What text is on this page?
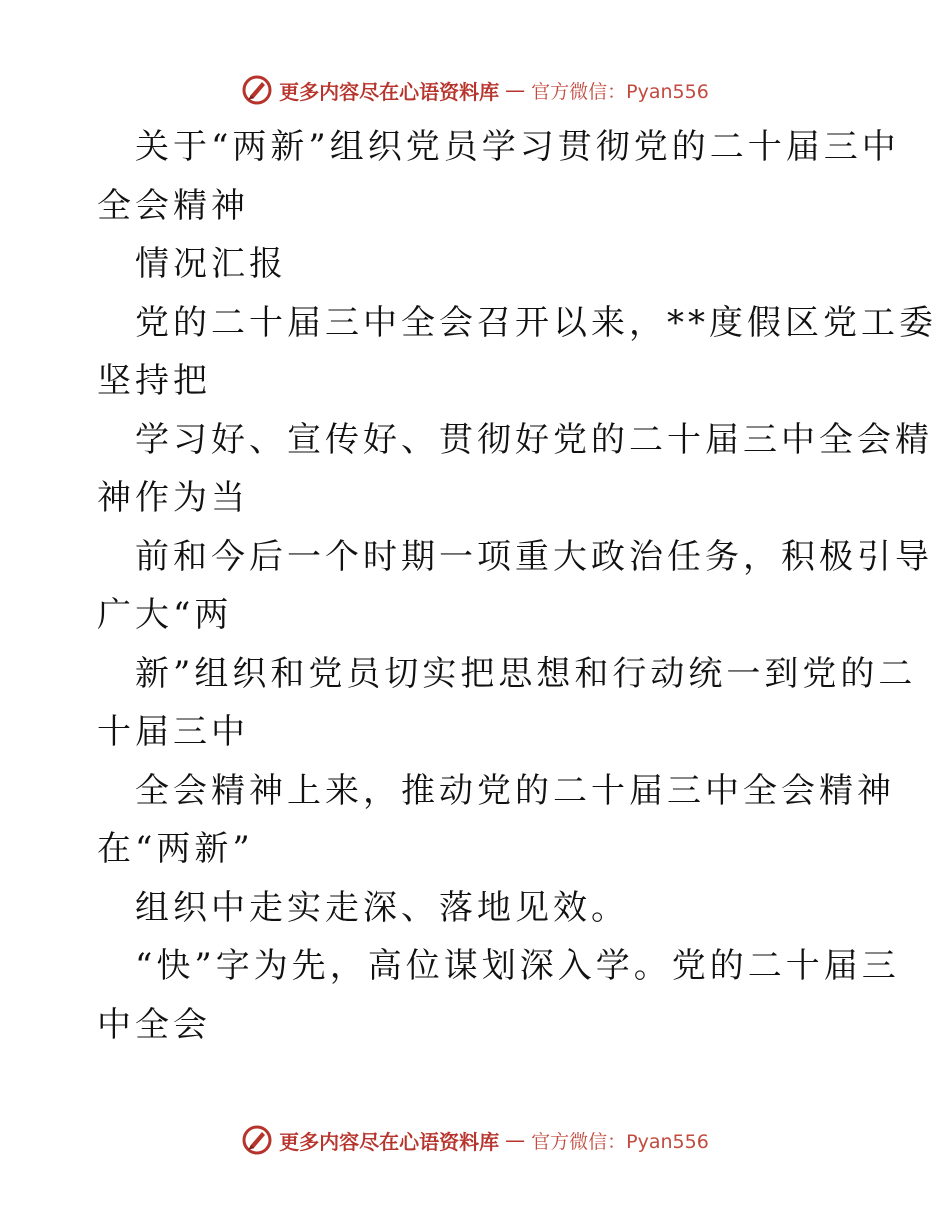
更多内容尽在心语资料库 — 官方微信：Pyan556
关于“两新”组织党员学习贯彻党的二十届三中
全会精神
情况汇报
党的二十届三中全会召开以来，**度假区党工委
坚持把
学习好、宣传好、贯彻好党的二十届三中全会精
神作为当
前和今后一个时期一项重大政治任务，积极引导
广大“两
新”组织和党员切实把思想和行动统一到党的二
十届三中
全会精神上来，推动党的二十届三中全会精神
在“两新”
组织中走实走深、落地见效。
“快”字为先，高位谋划深入学。党的二十届三
中全会
更多内容尽在心语资料库 — 官方微信：Pyan556
